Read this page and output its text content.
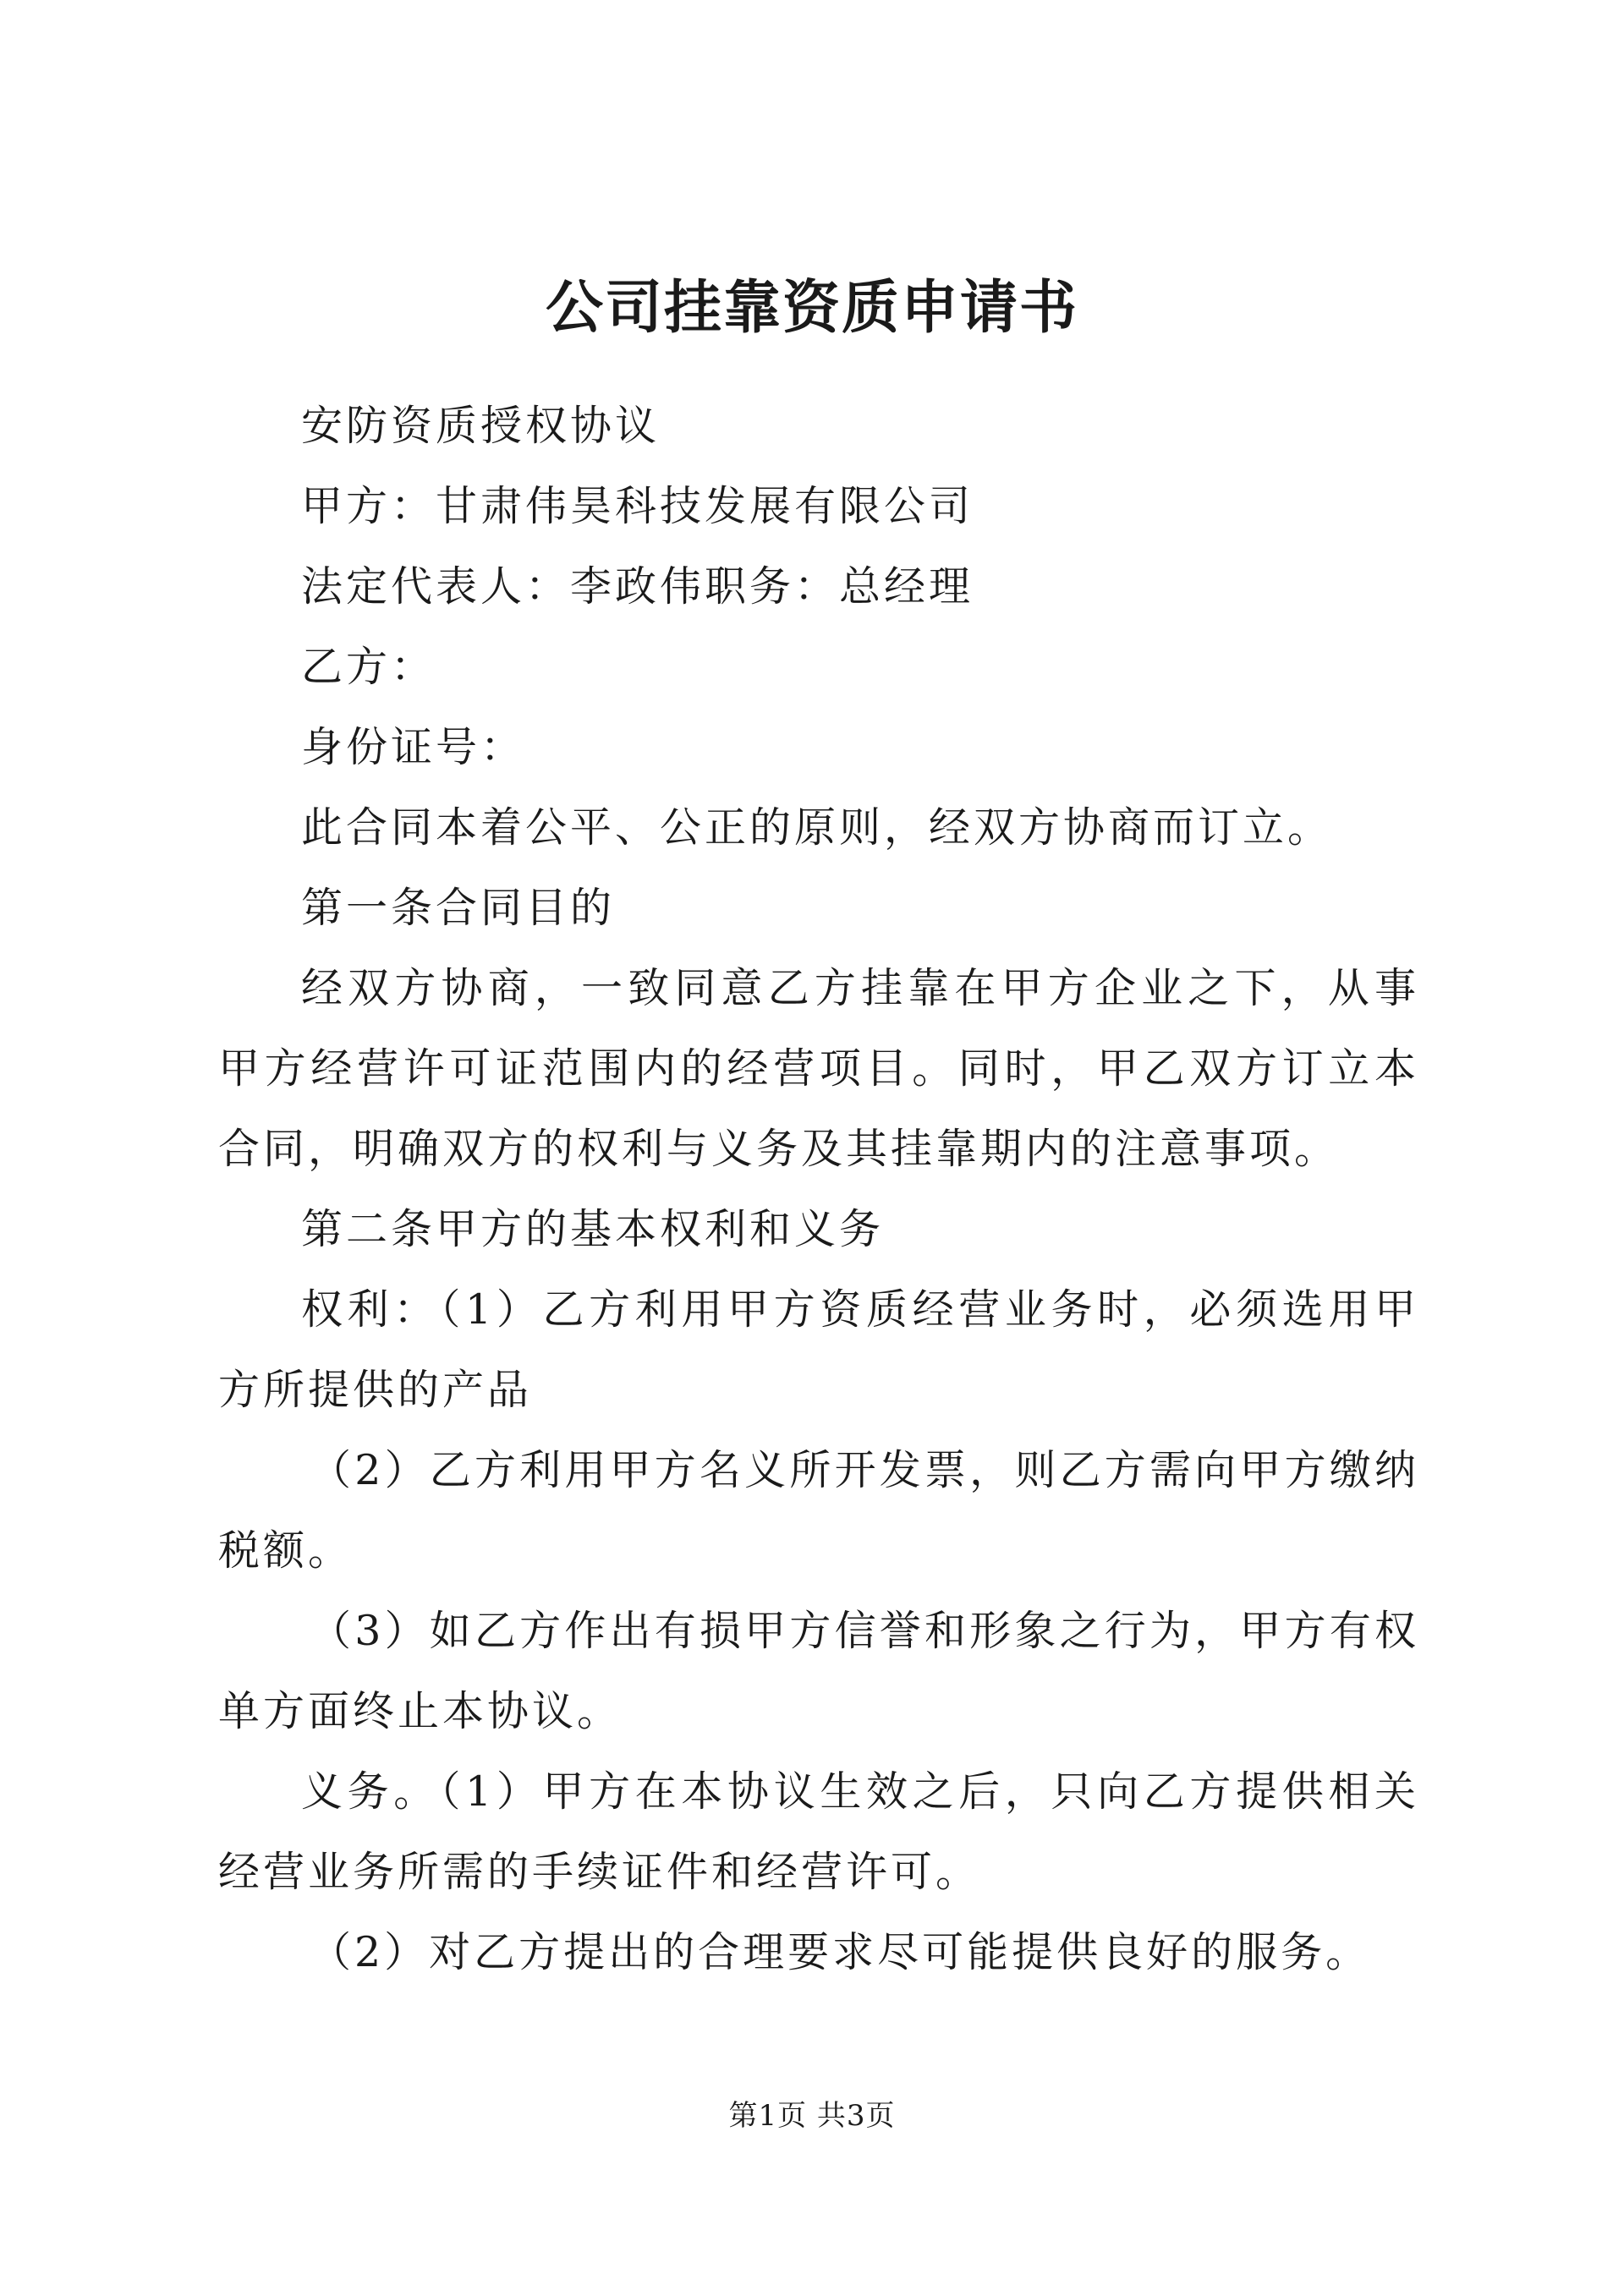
公司挂靠资质申请书

安防资质授权协议

甲方：甘肃伟昊科技发展有限公司

法定代表人：李政伟职务：总经理

乙方：

身份证号：

此合同本着公平、公正的原则，经双方协商而订立。

第一条合同目的

经双方协商，一致同意乙方挂靠在甲方企业之下，从事甲方经营许可证范围内的经营项目。同时，甲乙双方订立本合同，明确双方的权利与义务及其挂靠期内的注意事项。

第二条甲方的基本权利和义务

权利：（1）乙方利用甲方资质经营业务时，必须选用甲方所提供的产品

（2）乙方利用甲方名义所开发票，则乙方需向甲方缴纳税额。

（3）如乙方作出有损甲方信誉和形象之行为，甲方有权单方面终止本协议。

义务。（1）甲方在本协议生效之后，只向乙方提供相关经营业务所需的手续证件和经营许可。

（2）对乙方提出的合理要求尽可能提供良好的服务。

第1页 共3页
